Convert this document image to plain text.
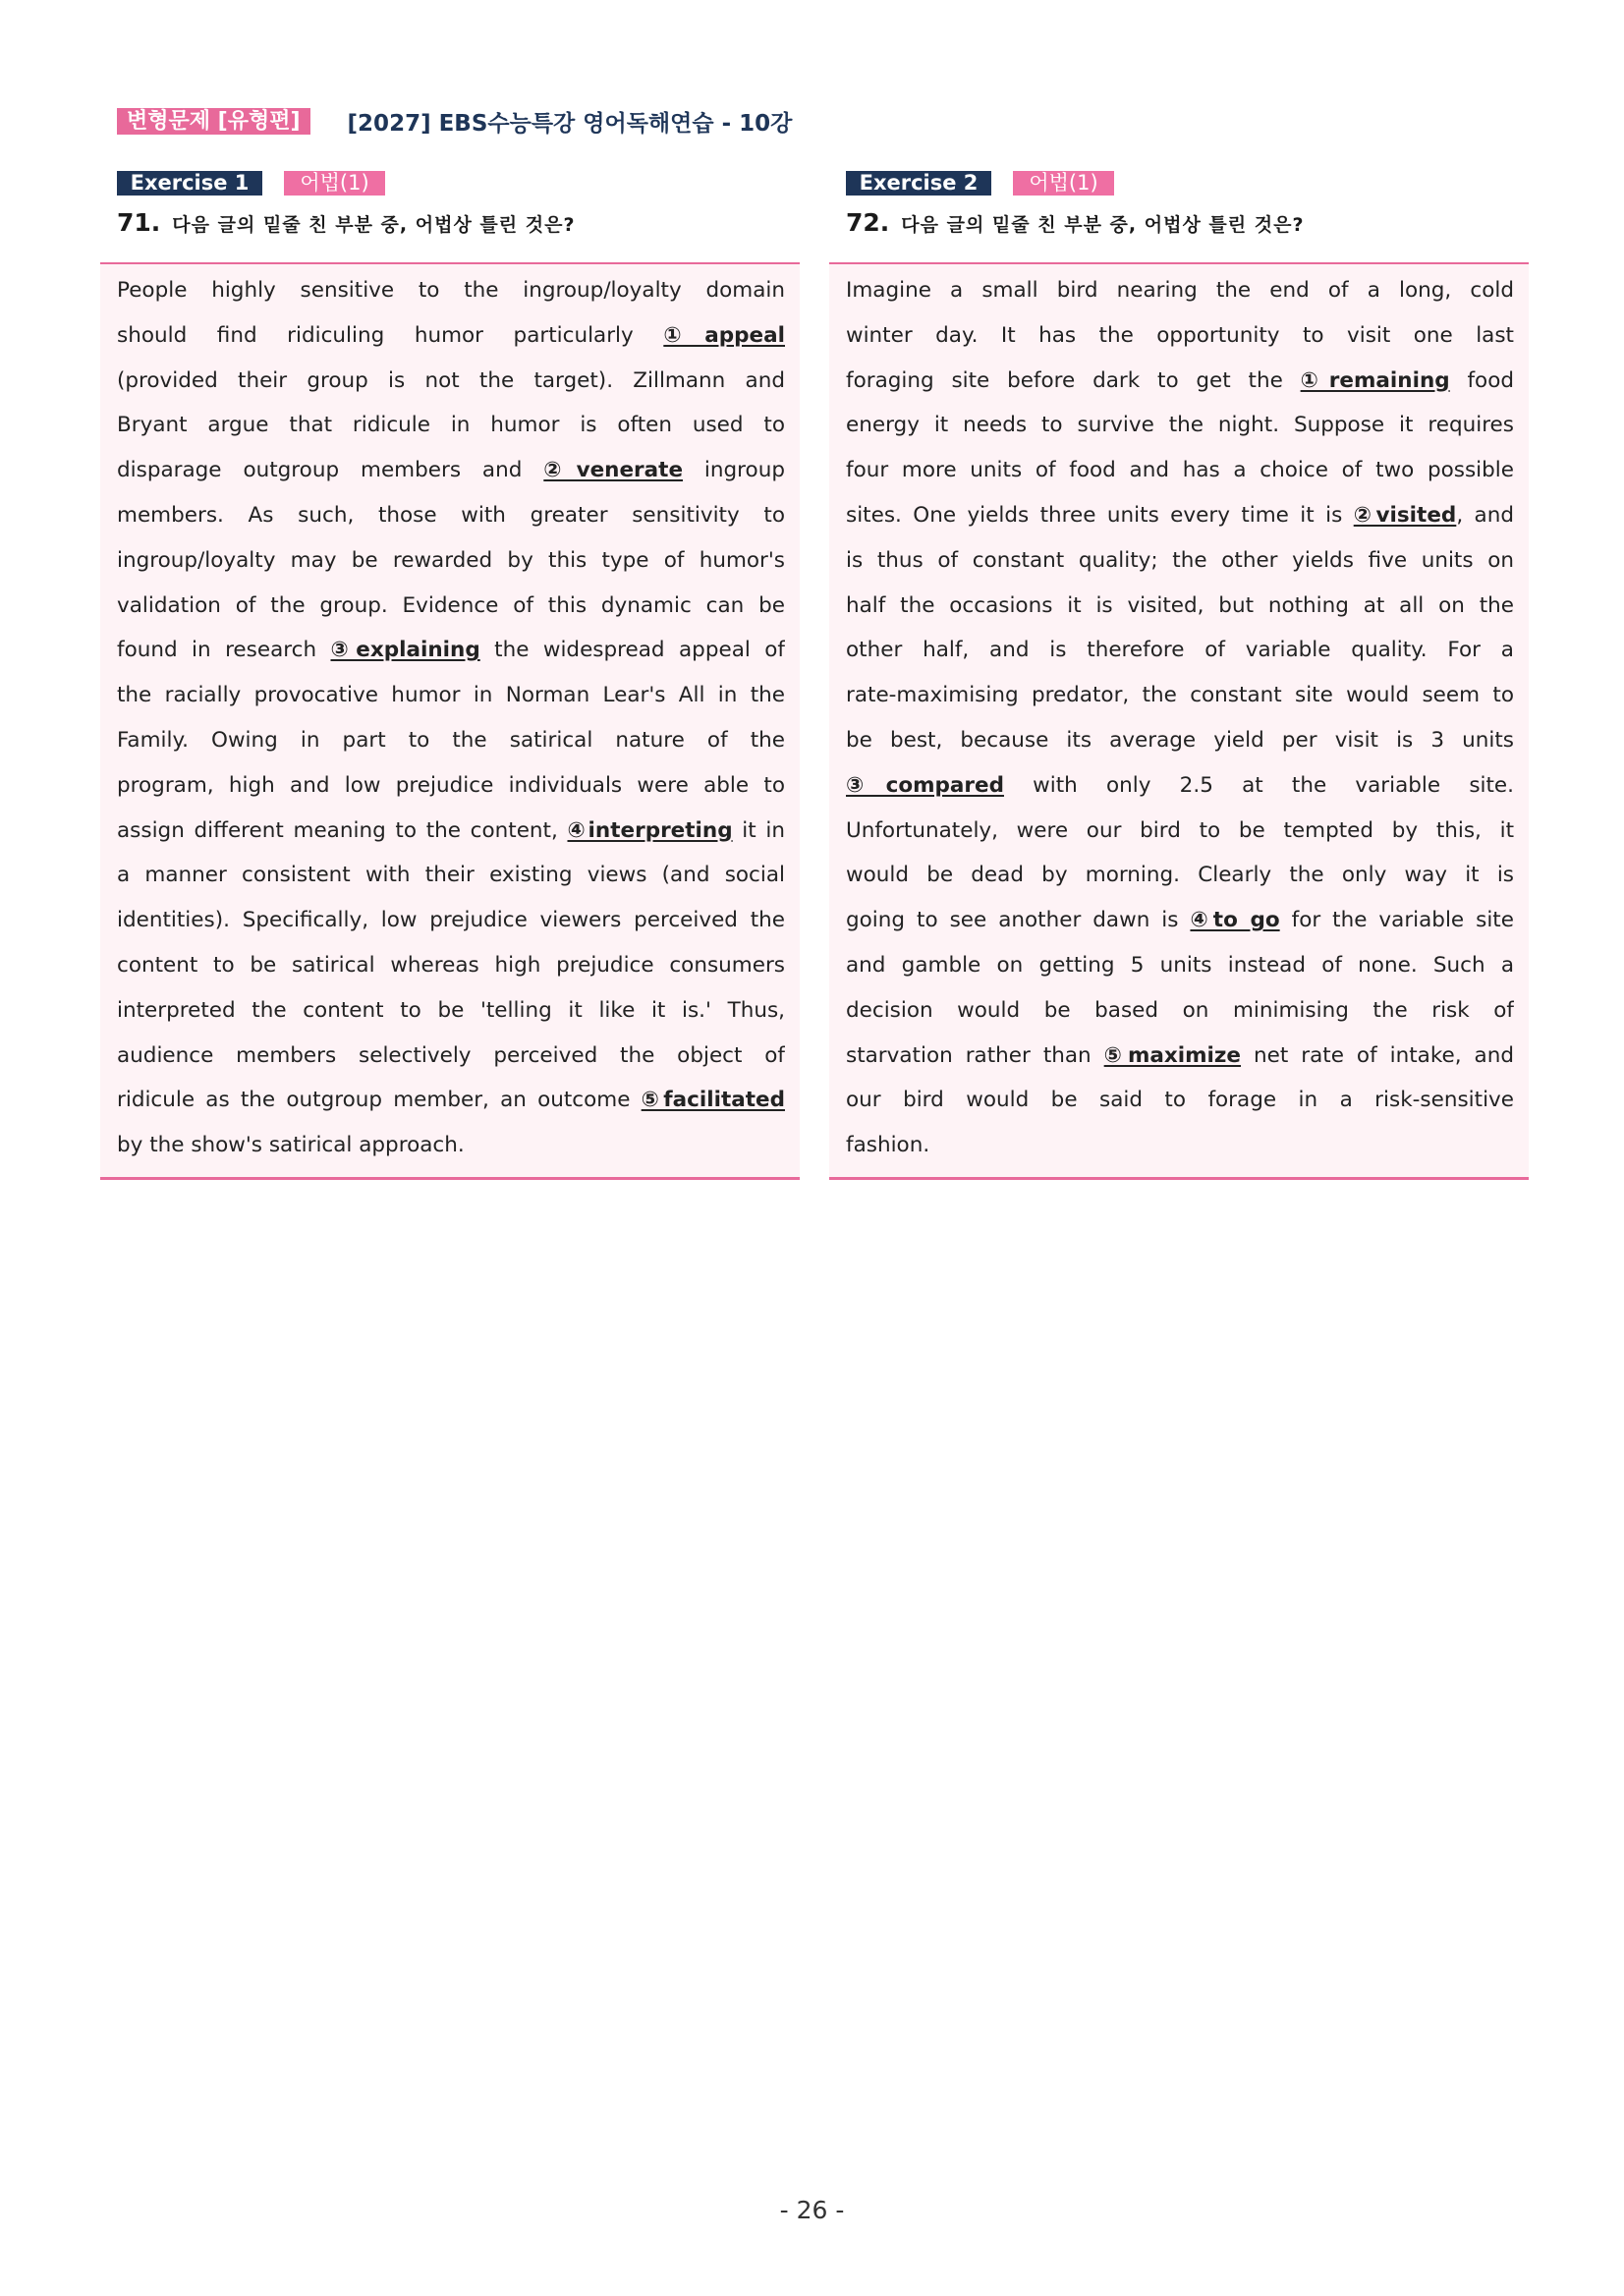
변형문제 [유형편]	[2027] EBS수능특강 영어독해연습 - 10강
Exercise 1	어법(1)
71. 다음 글의 밑줄 친 부분 중, 어법상 틀린 것은?
People highly sensitive to the ingroup/loyalty domain
should find ridiculing humor particularly ①appeal
(provided their group is not the target). Zillmann and
Bryant argue that ridicule in humor is often used to
disparage outgroup members and ②venerate ingroup
members. As such, those with greater sensitivity to
ingroup/loyalty may be rewarded by this type of humor's
validation of the group. Evidence of this dynamic can be
found in research ③explaining the widespread appeal of
the racially provocative humor in Norman Lear's All in the
Family. Owing in part to the satirical nature of the
program, high and low prejudice individuals were able to
assign different meaning to the content, ④interpreting it in
a manner consistent with their existing views (and social
identities). Specifically, low prejudice viewers perceived the
content to be satirical whereas high prejudice consumers
interpreted the content to be 'telling it like it is.' Thus,
audience members selectively perceived the object of
ridicule as the outgroup member, an outcome ⑤facilitated
by the show's satirical approach.
Exercise 2	어법(1)
72. 다음 글의 밑줄 친 부분 중, 어법상 틀린 것은?
Imagine a small bird nearing the end of a long, cold
winter day. It has the opportunity to visit one last
foraging site before dark to get the ①remaining food
energy it needs to survive the night. Suppose it requires
four more units of food and has a choice of two possible
sites. One yields three units every time it is ②visited, and
is thus of constant quality; the other yields five units on
half the occasions it is visited, but nothing at all on the
other half, and is therefore of variable quality. For a
rate-maximising predator, the constant site would seem to
be best, because its average yield per visit is 3 units
③compared with only 2.5 at the variable site.
Unfortunately, were our bird to be tempted by this, it
would be dead by morning. Clearly the only way it is
going to see another dawn is ④to go for the variable site
and gamble on getting 5 units instead of none. Such a
decision would be based on minimising the risk of
starvation rather than ⑤maximize net rate of intake, and
our bird would be said to forage in a risk-sensitive
fashion.
- 26 -
